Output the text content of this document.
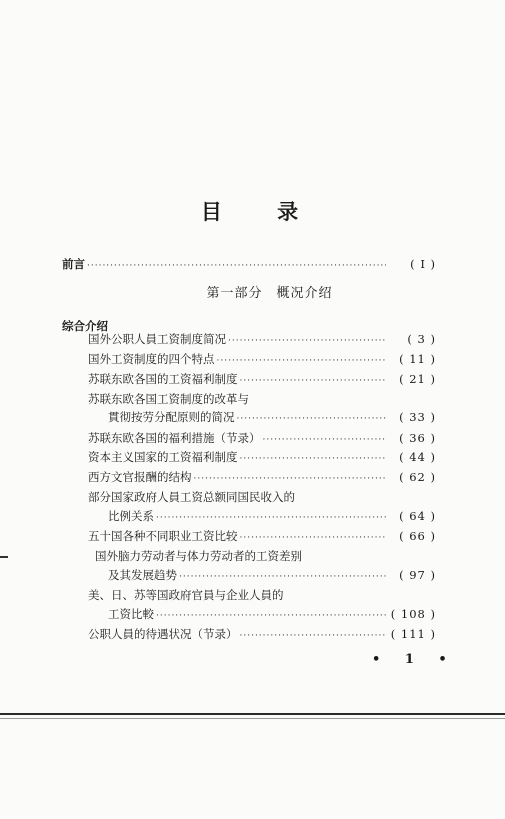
目 录
前言 ·····	( I )
第一部分　概况介绍
综合介绍
国外公职人員工资制度简况 ·····	( 3 )
国外工资制度的四个特点 ·····	( 11 )
苏联东欧各国的工资福利制度 ·····	( 21 )
苏联东欧各国工资制度的改革与
貫彻按劳分配原则的简况 ·····	( 33 )
苏联东欧各国的福利措施（节录） ·····	( 36 )
资本主义国家的工资福利制度 ·····	( 44 )
西方文官报酬的结构 ·····	( 62 )
部分国家政府人員工资总额同国民收入的
比例关系 ·····	( 64 )
五十国各种不同职业工资比较 ·····	( 66 )
国外脑力劳动者与体力劳动者的工资差别
及其发展趋势 ·····	( 97 )
美、日、苏等国政府官員与企业人員的
工资比較 ·····	( 108 )
公职人員的待遇状况（节录） ·····	( 111 )
• 1 •
